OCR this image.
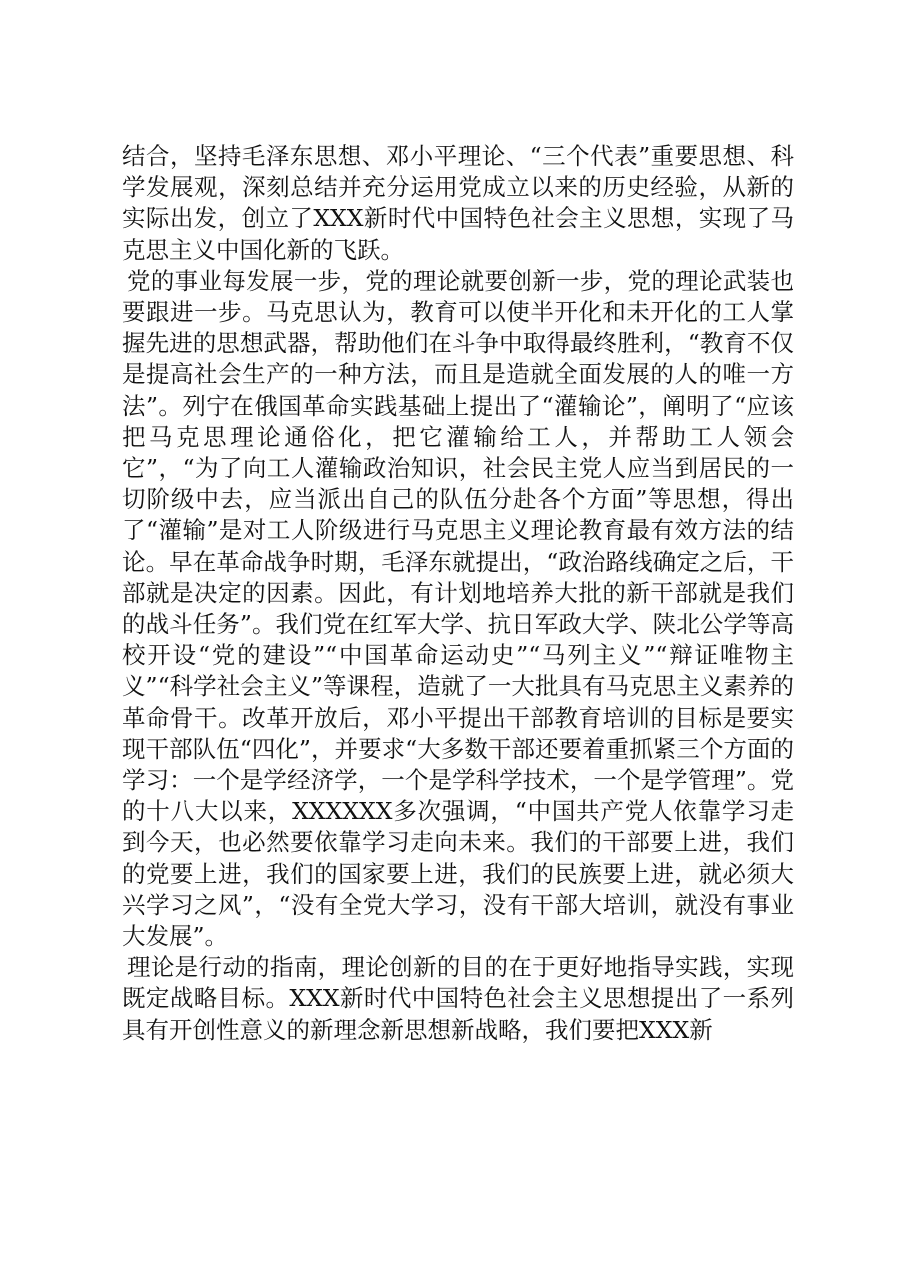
结合，坚持毛泽东思想、邓小平理论、“三个代表”重要思想、科学发展观，深刻总结并充分运用党成立以来的历史经验，从新的实际出发，创立了XXX新时代中国特色社会主义思想，实现了马克思主义中国化新的飞跃。

党的事业每发展一步，党的理论就要创新一步，党的理论武装也要跟进一步。马克思认为，教育可以使半开化和未开化的工人掌握先进的思想武器，帮助他们在斗争中取得最终胜利，“教育不仅是提高社会生产的一种方法，而且是造就全面发展的人的唯一方法”。列宁在俄国革命实践基础上提出了“灌输论”，阐明了“应该把马克思理论通俗化，把它灌输给工人，并帮助工人领会它”，“为了向工人灌输政治知识，社会民主党人应当到居民的一切阶级中去，应当派出自己的队伍分赴各个方面”等思想，得出了“灌输”是对工人阶级进行马克思主义理论教育最有效方法的结论。早在革命战争时期，毛泽东就提出，“政治路线确定之后，干部就是决定的因素。因此，有计划地培养大批的新干部就是我们的战斗任务”。我们党在红军大学、抗日军政大学、陕北公学等高校开设“党的建设”“中国革命运动史”“马列主义”“辩证唯物主义”“科学社会主义”等课程，造就了一大批具有马克思主义素养的革命骨干。改革开放后，邓小平提出干部教育培训的目标是要实现干部队伍“四化”，并要求“大多数干部还要着重抓紧三个方面的学习：一个是学经济学，一个是学科学技术，一个是学管理”。党的十八大以来，XXXXXX多次强调，“中国共产党人依靠学习走到今天，也必然要依靠学习走向未来。我们的干部要上进，我们的党要上进，我们的国家要上进，我们的民族要上进，就必须大兴学习之风”，“没有全党大学习，没有干部大培训，就没有事业大发展”。

理论是行动的指南，理论创新的目的在于更好地指导实践，实现既定战略目标。XXX新时代中国特色社会主义思想提出了一系列具有开创性意义的新理念新思想新战略，我们要把XXX新
